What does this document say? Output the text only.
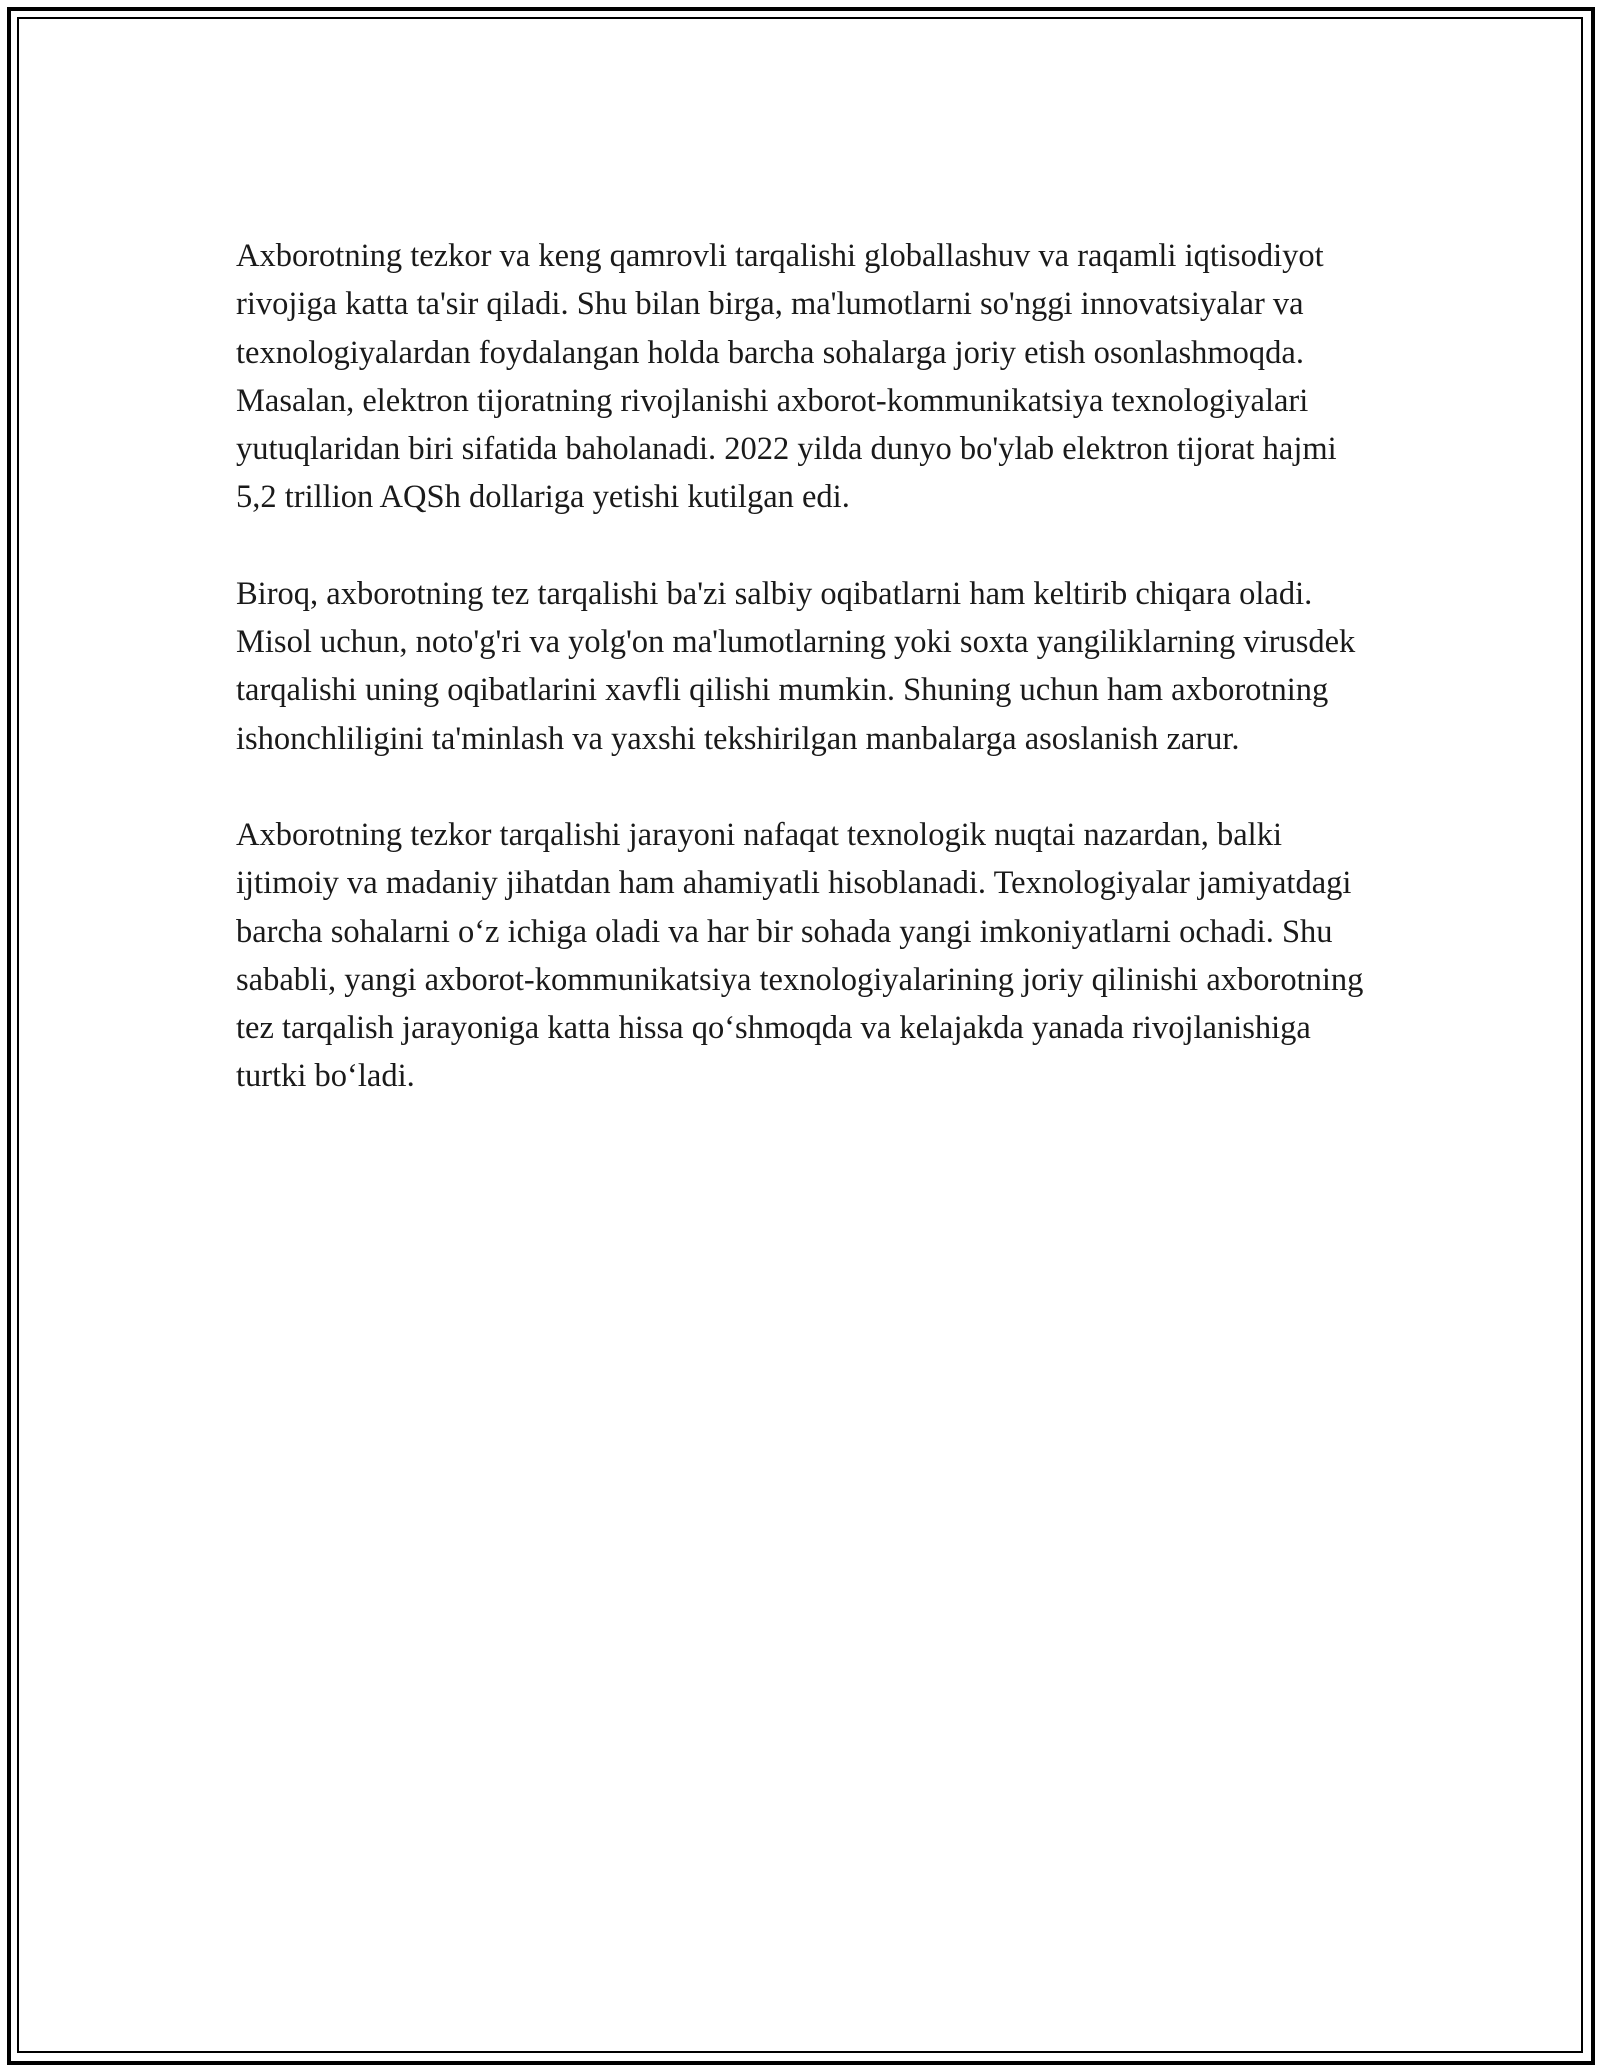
Axborotning tezkor va keng qamrovli tarqalishi globallashuv va raqamli iqtisodiyot rivojiga katta ta'sir qiladi. Shu bilan birga, ma'lumotlarni so'nggi innovatsiyalar va texnologiyalardan foydalangan holda barcha sohalarga joriy etish osonlashmoqda. Masalan, elektron tijoratning rivojlanishi axborot-kommunikatsiya texnologiyalari yutuqlaridan biri sifatida baholanadi. 2022 yilda dunyo bo'ylab elektron tijorat hajmi 5,2 trillion AQSh dollariga yetishi kutilgan edi.

Biroq, axborotning tez tarqalishi ba'zi salbiy oqibatlarni ham keltirib chiqara oladi. Misol uchun, noto'g'ri va yolg'on ma'lumotlarning yoki soxta yangiliklarning virusdek tarqalishi uning oqibatlarini xavfli qilishi mumkin. Shuning uchun ham axborotning ishonchliligini ta'minlash va yaxshi tekshirilgan manbalarga asoslanish zarur.

Axborotning tezkor tarqalishi jarayoni nafaqat texnologik nuqtai nazardan, balki ijtimoiy va madaniy jihatdan ham ahamiyatli hisoblanadi. Texnologiyalar jamiyatdagi barcha sohalarni o‘z ichiga oladi va har bir sohada yangi imkoniyatlarni ochadi. Shu sababli, yangi axborot-kommunikatsiya texnologiyalarining joriy qilinishi axborotning tez tarqalish jarayoniga katta hissa qo‘shmoqda va kelajakda yanada rivojlanishiga turtki bo‘ladi.
